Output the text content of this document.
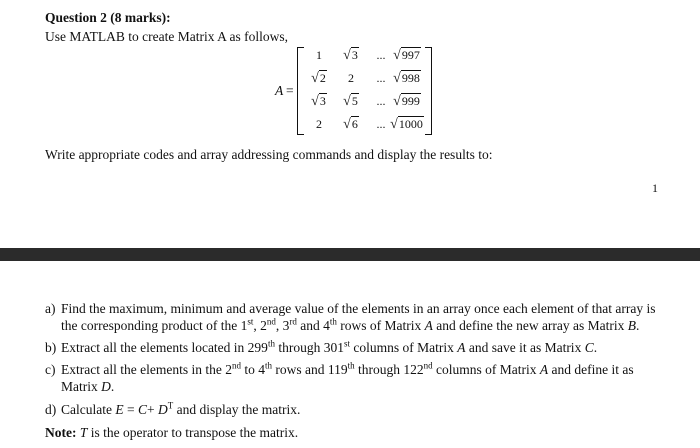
Question 2 (8 marks):
Use MATLAB to create Matrix A as follows,
A =
1	√3	... √997
√2	2	... √998
√3	√5	... √999
2	√6	... √1000
Write appropriate codes and array addressing commands and display the results to:
1
a) Find the maximum, minimum and average value of the elements in an array once each element of that array is
the corresponding product of the 1st, 2nd, 3rd and 4th rows of Matrix A and define the new array as Matrix B.
b) Extract all the elements located in 299th through 301st columns of Matrix A and save it as Matrix C.
c) Extract all the elements in the 2nd to 4th rows and 119th through 122nd columns of Matrix A and define it as
Matrix D.
d) Calculate $E = C+ D^T$ and display the matrix.
Note: T is the operator to transpose the matrix.
